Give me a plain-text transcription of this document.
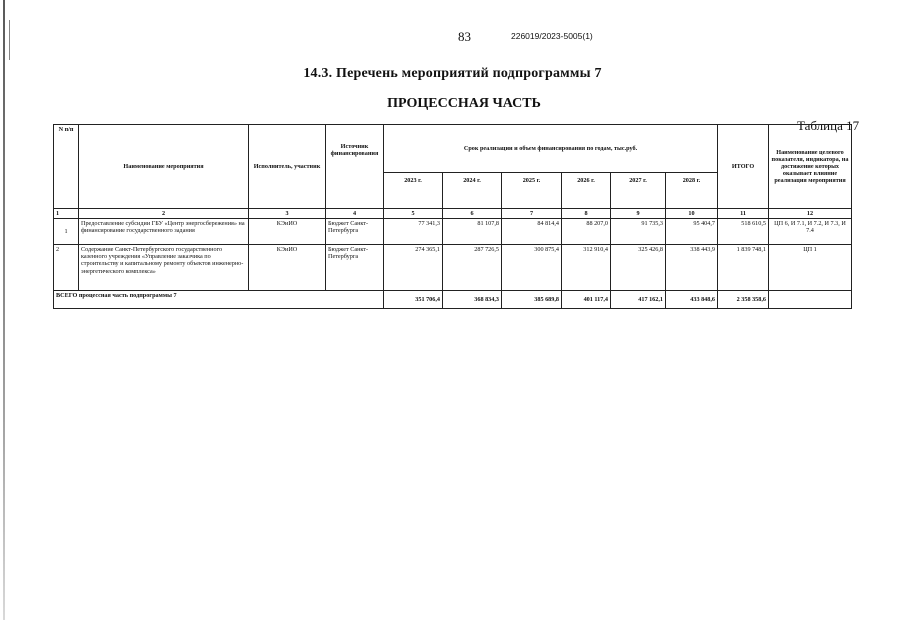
83	226019/2023-5005(1)
14.3. Перечень мероприятий подпрограммы 7
ПРОЦЕССНАЯ ЧАСТЬ
Таблица 17
N п/п	Наименование мероприятия	Исполнитель, участник	Источник финансирования	Срок реализации и объем финансирования по годам, тыс.руб.						ИТОГО	Наименование целевого показателя, индикатора, на достижение которых оказывает влияние реализация мероприятия
				2023 г.	2024 г.	2025 г.	2026 г.	2027 г.	2028 г.		
1	2	3	4	5	6	7	8	9	10	11	12
1	Предоставление субсидии ГБУ «Центр энергосбережения» на финансирование государственного задания	КЭиИО	Бюджет Санкт-Петербурга	77 341,3	81 107,8	84 814,4	88 207,0	91 735,3	95 404,7	518 610,5	ЦП 6, И 7.1, И 7.2, И 7.3, И 7.4
2	Содержание Санкт-Петербургского государственного казенного учреждения «Управление заказчика по строительству и капитальному ремонту объектов инженерно-энергетического комплекса»	КЭиИО	Бюджет Санкт-Петербурга	274 365,1	287 726,5	300 875,4	312 910,4	325 426,8	338 443,9	1 839 748,1	ЦП 1
ВСЕГО процессная часть подпрограммы 7				351 706,4	368 834,3	385 689,8	401 117,4	417 162,1	433 848,6	2 358 358,6	
